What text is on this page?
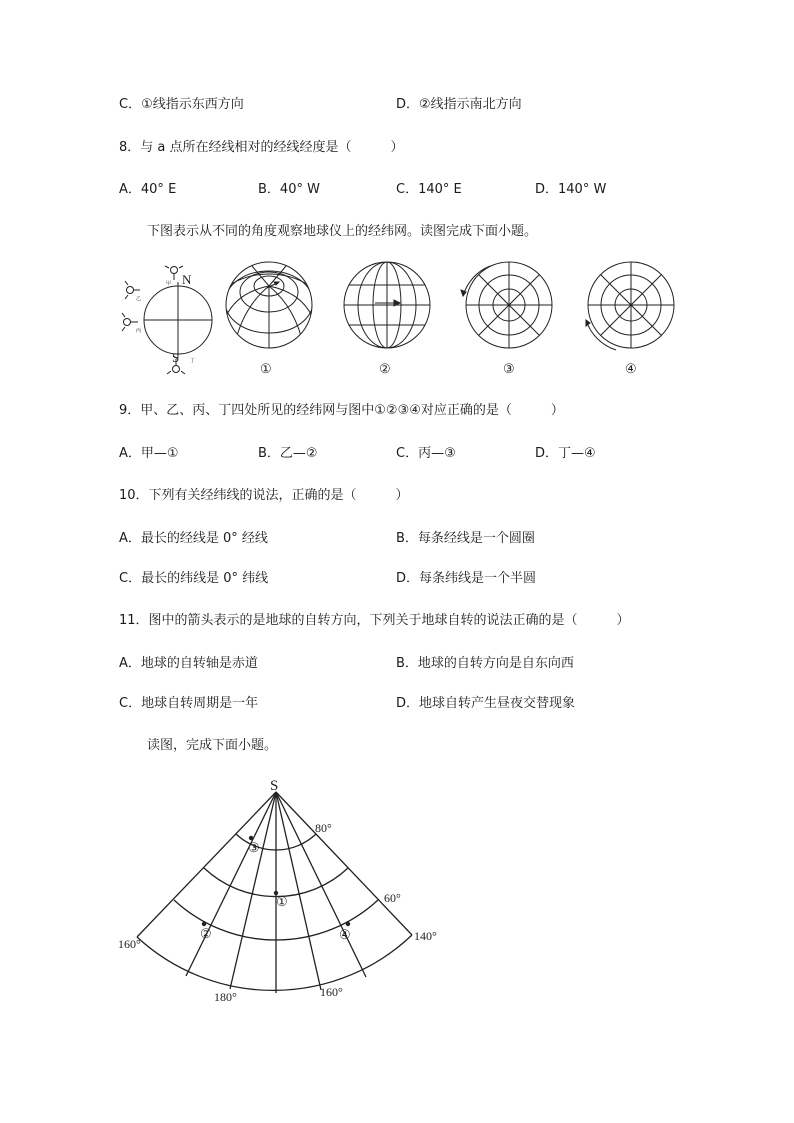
C．①线指示东西方向	D．②线指示南北方向
8．与 a 点所在经线相对的经线经度是（　　　）
A．40° E	B．40° W	C．140° E	D．140° W
下图表示从不同的角度观察地球仪上的经纬网。读图完成下面小题。
N
S
甲
乙
丙
丁	①	②	③	④
9．甲、乙、丙、丁四处所见的经纬网与图中①②③④对应正确的是（　　　）
A．甲—①	B．乙—②	C．丙—③	D．丁—④
10．下列有关经纬线的说法，正确的是（　　　）
A．最长的经线是 0° 经线	B．每条经线是一个圆圈
C．最长的纬线是 0° 纬线	D．每条纬线是一个半圆
11．图中的箭头表示的是地球的自转方向，下列关于地球自转的说法正确的是（　　　）
A．地球的自转轴是赤道	B．地球的自转方向是自东向西
C．地球自转周期是一年	D．地球自转产生昼夜交替现象
读图，完成下面小题。
S
80°
60°
160°
140°
180°	160°
③
①
②	④
